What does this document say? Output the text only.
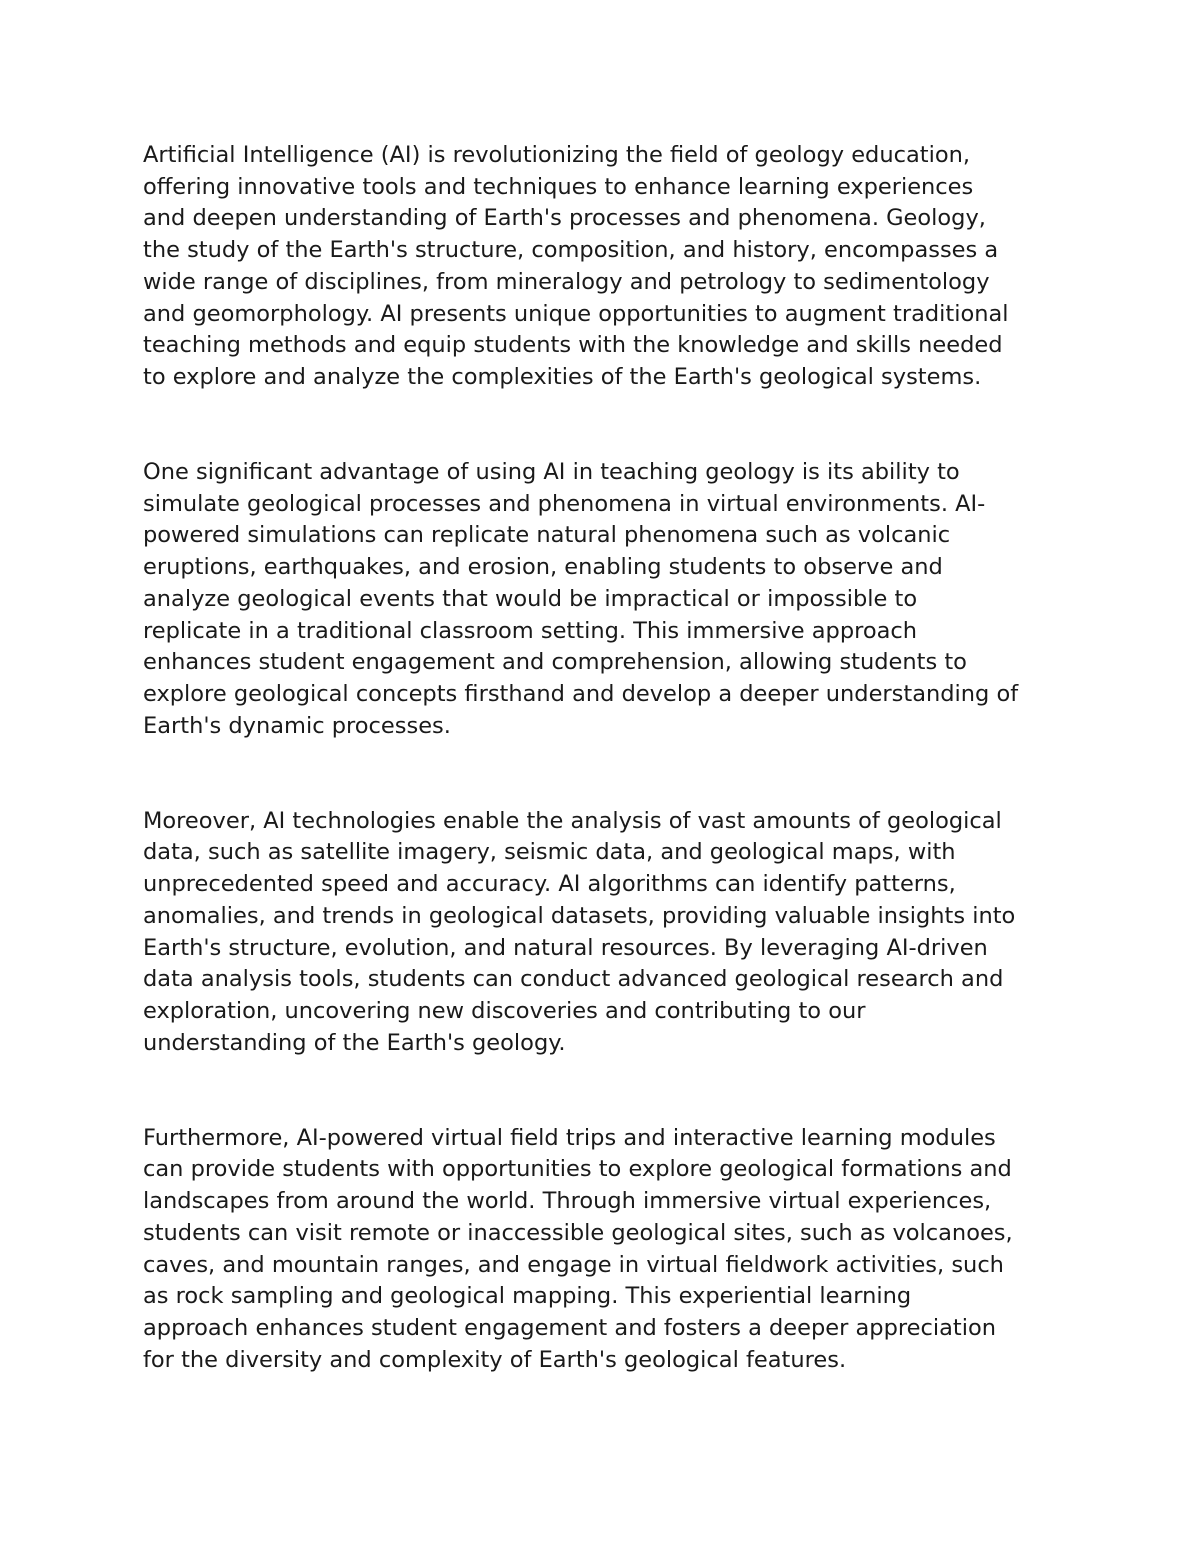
Artificial Intelligence (AI) is revolutionizing the field of geology education,
offering innovative tools and techniques to enhance learning experiences
and deepen understanding of Earth's processes and phenomena. Geology,
the study of the Earth's structure, composition, and history, encompasses a
wide range of disciplines, from mineralogy and petrology to sedimentology
and geomorphology. AI presents unique opportunities to augment traditional
teaching methods and equip students with the knowledge and skills needed
to explore and analyze the complexities of the Earth's geological systems.

One significant advantage of using AI in teaching geology is its ability to
simulate geological processes and phenomena in virtual environments. AI-
powered simulations can replicate natural phenomena such as volcanic
eruptions, earthquakes, and erosion, enabling students to observe and
analyze geological events that would be impractical or impossible to
replicate in a traditional classroom setting. This immersive approach
enhances student engagement and comprehension, allowing students to
explore geological concepts firsthand and develop a deeper understanding of
Earth's dynamic processes.

Moreover, AI technologies enable the analysis of vast amounts of geological
data, such as satellite imagery, seismic data, and geological maps, with
unprecedented speed and accuracy. AI algorithms can identify patterns,
anomalies, and trends in geological datasets, providing valuable insights into
Earth's structure, evolution, and natural resources. By leveraging AI-driven
data analysis tools, students can conduct advanced geological research and
exploration, uncovering new discoveries and contributing to our
understanding of the Earth's geology.

Furthermore, AI-powered virtual field trips and interactive learning modules
can provide students with opportunities to explore geological formations and
landscapes from around the world. Through immersive virtual experiences,
students can visit remote or inaccessible geological sites, such as volcanoes,
caves, and mountain ranges, and engage in virtual fieldwork activities, such
as rock sampling and geological mapping. This experiential learning
approach enhances student engagement and fosters a deeper appreciation
for the diversity and complexity of Earth's geological features.
